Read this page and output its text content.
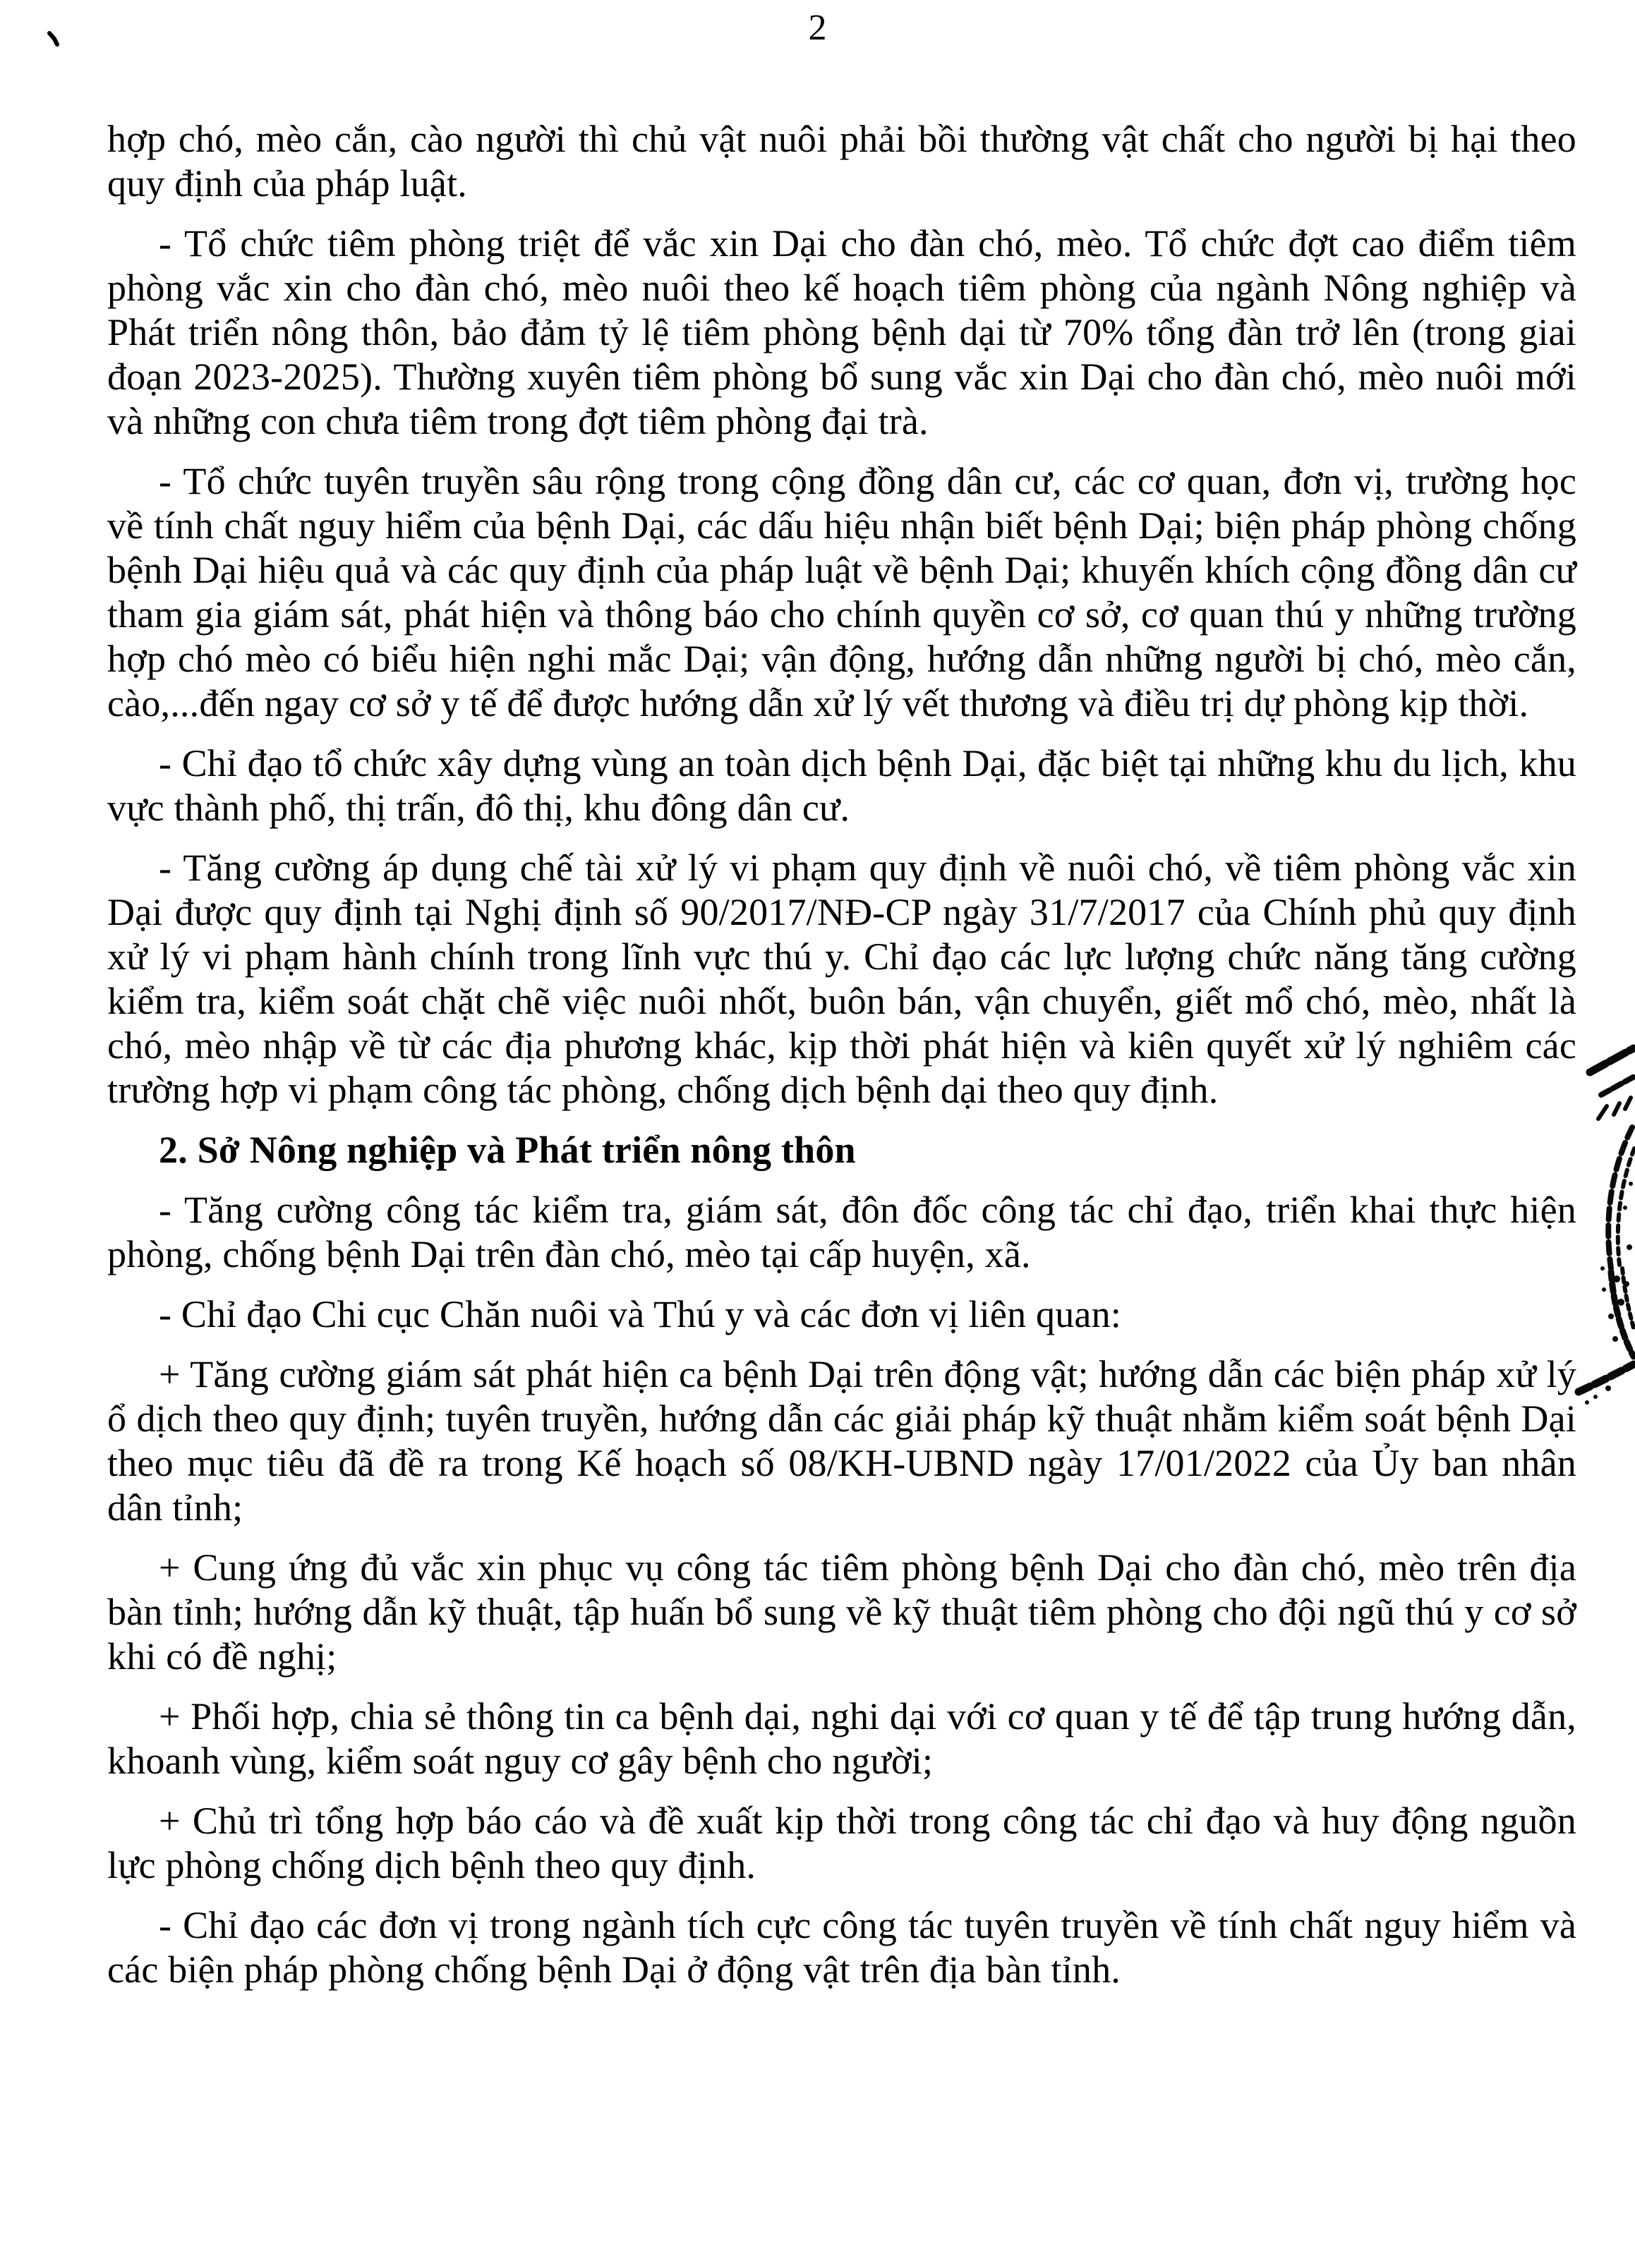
2

hợp chó, mèo cắn, cào người thì chủ vật nuôi phải bồi thường vật chất cho người bị hại theo quy định của pháp luật.

- Tổ chức tiêm phòng triệt để vắc xin Dại cho đàn chó, mèo. Tổ chức đợt cao điểm tiêm phòng vắc xin cho đàn chó, mèo nuôi theo kế hoạch tiêm phòng của ngành Nông nghiệp và Phát triển nông thôn, bảo đảm tỷ lệ tiêm phòng bệnh dại từ 70% tổng đàn trở lên (trong giai đoạn 2023-2025). Thường xuyên tiêm phòng bổ sung vắc xin Dại cho đàn chó, mèo nuôi mới và những con chưa tiêm trong đợt tiêm phòng đại trà.

- Tổ chức tuyên truyền sâu rộng trong cộng đồng dân cư, các cơ quan, đơn vị, trường học về tính chất nguy hiểm của bệnh Dại, các dấu hiệu nhận biết bệnh Dại; biện pháp phòng chống bệnh Dại hiệu quả và các quy định của pháp luật về bệnh Dại; khuyến khích cộng đồng dân cư tham gia giám sát, phát hiện và thông báo cho chính quyền cơ sở, cơ quan thú y những trường hợp chó mèo có biểu hiện nghi mắc Dại; vận động, hướng dẫn những người bị chó, mèo cắn, cào,...đến ngay cơ sở y tế để được hướng dẫn xử lý vết thương và điều trị dự phòng kịp thời.

- Chỉ đạo tổ chức xây dựng vùng an toàn dịch bệnh Dại, đặc biệt tại những khu du lịch, khu vực thành phố, thị trấn, đô thị, khu đông dân cư.

- Tăng cường áp dụng chế tài xử lý vi phạm quy định về nuôi chó, về tiêm phòng vắc xin Dại được quy định tại Nghị định số 90/2017/NĐ-CP ngày 31/7/2017 của Chính phủ quy định xử lý vi phạm hành chính trong lĩnh vực thú y. Chỉ đạo các lực lượng chức năng tăng cường kiểm tra, kiểm soát chặt chẽ việc nuôi nhốt, buôn bán, vận chuyển, giết mổ chó, mèo, nhất là chó, mèo nhập về từ các địa phương khác, kịp thời phát hiện và kiên quyết xử lý nghiêm các trường hợp vi phạm công tác phòng, chống dịch bệnh dại theo quy định.

2. Sở Nông nghiệp và Phát triển nông thôn

- Tăng cường công tác kiểm tra, giám sát, đôn đốc công tác chỉ đạo, triển khai thực hiện phòng, chống bệnh Dại trên đàn chó, mèo tại cấp huyện, xã.

- Chỉ đạo Chi cục Chăn nuôi và Thú y và các đơn vị liên quan:

+ Tăng cường giám sát phát hiện ca bệnh Dại trên động vật; hướng dẫn các biện pháp xử lý ổ dịch theo quy định; tuyên truyền, hướng dẫn các giải pháp kỹ thuật nhằm kiểm soát bệnh Dại theo mục tiêu đã đề ra trong Kế hoạch số 08/KH-UBND ngày 17/01/2022 của Ủy ban nhân dân tỉnh;

+ Cung ứng đủ vắc xin phục vụ công tác tiêm phòng bệnh Dại cho đàn chó, mèo trên địa bàn tỉnh; hướng dẫn kỹ thuật, tập huấn bổ sung về kỹ thuật tiêm phòng cho đội ngũ thú y cơ sở khi có đề nghị;

+ Phối hợp, chia sẻ thông tin ca bệnh dại, nghi dại với cơ quan y tế để tập trung hướng dẫn, khoanh vùng, kiểm soát nguy cơ gây bệnh cho người;

+ Chủ trì tổng hợp báo cáo và đề xuất kịp thời trong công tác chỉ đạo và huy động nguồn lực phòng chống dịch bệnh theo quy định.

- Chỉ đạo các đơn vị trong ngành tích cực công tác tuyên truyền về tính chất nguy hiểm và các biện pháp phòng chống bệnh Dại ở động vật trên địa bàn tỉnh.
